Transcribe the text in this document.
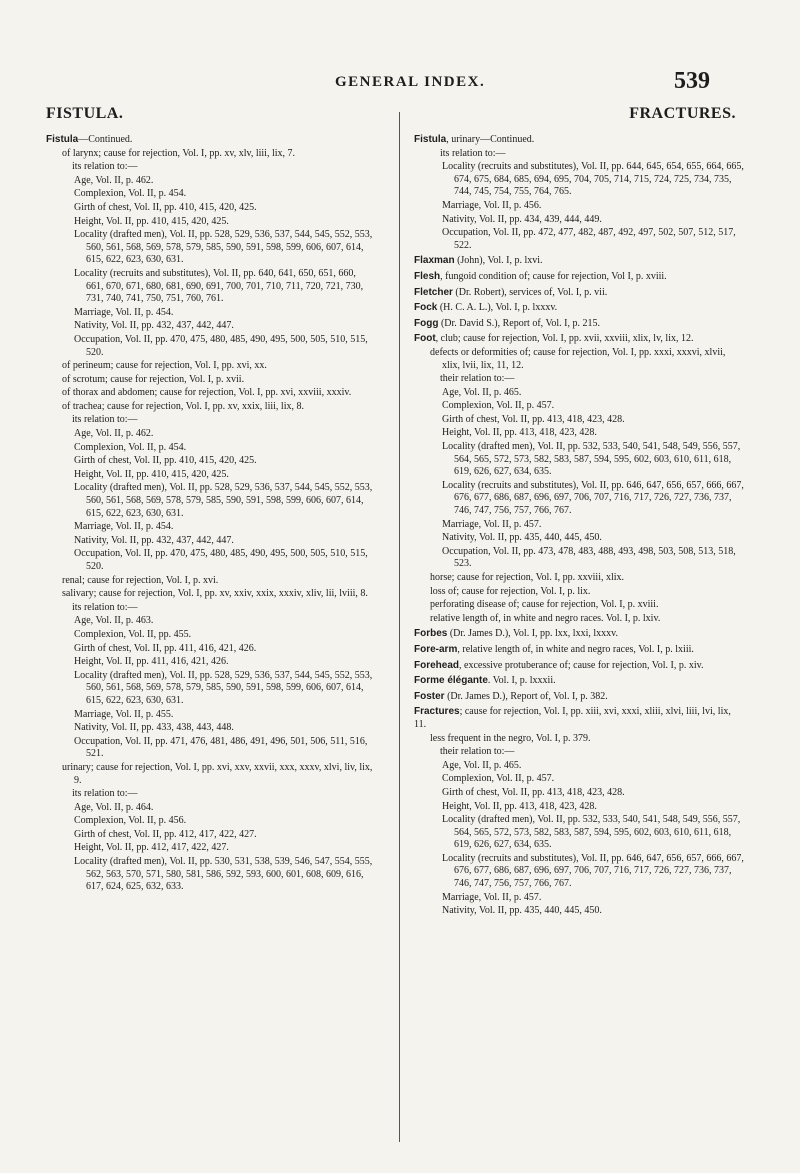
GENERAL INDEX.	539
FISTULA.

Fistula—Continued.

of larynx; cause for rejection, Vol. I, pp. xv, xlv, liii, lix, 7.

its relation to:—

Age, Vol. II, p. 462.

Complexion, Vol. II, p. 454.

Girth of chest, Vol. II, pp. 410, 415, 420, 425.

Height, Vol. II, pp. 410, 415, 420, 425.

Locality (drafted men), Vol. II, pp. 528, 529, 536, 537, 544, 545, 552, 553, 560, 561, 568, 569, 578, 579, 585, 590, 591, 598, 599, 606, 607, 614, 615, 622, 623, 630, 631.

Locality (recruits and substitutes), Vol. II, pp. 640, 641, 650, 651, 660, 661, 670, 671, 680, 681, 690, 691, 700, 701, 710, 711, 720, 721, 730, 731, 740, 741, 750, 751, 760, 761.

Marriage, Vol. II, p. 454.

Nativity, Vol. II, pp. 432, 437, 442, 447.

Occupation, Vol. II, pp. 470, 475, 480, 485, 490, 495, 500, 505, 510, 515, 520.

of perineum; cause for rejection, Vol. I, pp. xvi, xx.

of scrotum; cause for rejection, Vol. I, p. xvii.

of thorax and abdomen; cause for rejection, Vol. I, pp. xvi, xxviii, xxxiv.

of trachea; cause for rejection, Vol. I, pp. xv, xxix, liii, lix, 8.

its relation to:—

Age, Vol. II, p. 462.

Complexion, Vol. II, p. 454.

Girth of chest, Vol. II, pp. 410, 415, 420, 425.

Height, Vol. II, pp. 410, 415, 420, 425.

Locality (drafted men), Vol. II, pp. 528, 529, 536, 537, 544, 545, 552, 553, 560, 561, 568, 569, 578, 579, 585, 590, 591, 598, 599, 606, 607, 614, 615, 622, 623, 630, 631.

Marriage, Vol. II, p. 454.

Nativity, Vol. II, pp. 432, 437, 442, 447.

Occupation, Vol. II, pp. 470, 475, 480, 485, 490, 495, 500, 505, 510, 515, 520.

renal; cause for rejection, Vol. I, p. xvi.

salivary; cause for rejection, Vol. I, pp. xv, xxiv, xxix, xxxiv, xliv, lii, lviii, 8.

its relation to:—

Age, Vol. II, p. 463.

Complexion, Vol. II, pp. 455.

Girth of chest, Vol. II, pp. 411, 416, 421, 426.

Height, Vol. II, pp. 411, 416, 421, 426.

Locality (drafted men), Vol. II, pp. 528, 529, 536, 537, 544, 545, 552, 553, 560, 561, 568, 569, 578, 579, 585, 590, 591, 598, 599, 606, 607, 614, 615, 622, 623, 630, 631.

Marriage, Vol. II, p. 455.

Nativity, Vol. II, pp. 433, 438, 443, 448.

Occupation, Vol. II, pp. 471, 476, 481, 486, 491, 496, 501, 506, 511, 516, 521.

urinary; cause for rejection, Vol. I, pp. xvi, xxv, xxvii, xxx, xxxv, xlvi, liv, lix, 9.

its relation to:—

Age, Vol. II, p. 464.

Complexion, Vol. II, p. 456.

Girth of chest, Vol. II, pp. 412, 417, 422, 427.

Height, Vol. II, pp. 412, 417, 422, 427.

Locality (drafted men), Vol. II, pp. 530, 531, 538, 539, 546, 547, 554, 555, 562, 563, 570, 571, 580, 581, 586, 592, 593, 600, 601, 608, 609, 616, 617, 624, 625, 632, 633.

FRACTURES.

Fistula, urinary—Continued.

its relation to:—

Locality (recruits and substitutes), Vol. II, pp. 644, 645, 654, 655, 664, 665, 674, 675, 684, 685, 694, 695, 704, 705, 714, 715, 724, 725, 734, 735, 744, 745, 754, 755, 764, 765.

Marriage, Vol. II, p. 456.

Nativity, Vol. II, pp. 434, 439, 444, 449.

Occupation, Vol. II, pp. 472, 477, 482, 487, 492, 497, 502, 507, 512, 517, 522.

Flaxman (John), Vol. I, p. lxvi.

Flesh, fungoid condition of; cause for rejection, Vol I, p. xviii.

Fletcher (Dr. Robert), services of, Vol. I, p. vii.

Fock (H. C. A. L.), Vol. I, p. lxxxv.

Fogg (Dr. David S.), Report of, Vol. I, p. 215.

Foot, club; cause for rejection, Vol. I, pp. xvii, xxviii, xlix, lv, lix, 12.

defects or deformities of; cause for rejection, Vol. I, pp. xxxi, xxxvi, xlvii, xlix, lvii, lix, 11, 12.

their relation to:—

Age, Vol. II, p. 465.

Complexion, Vol. II, p. 457.

Girth of chest, Vol. II, pp. 413, 418, 423, 428.

Height, Vol. II, pp. 413, 418, 423, 428.

Locality (drafted men), Vol. II, pp. 532, 533, 540, 541, 548, 549, 556, 557, 564, 565, 572, 573, 582, 583, 587, 594, 595, 602, 603, 610, 611, 618, 619, 626, 627, 634, 635.

Locality (recruits and substitutes), Vol. II, pp. 646, 647, 656, 657, 666, 667, 676, 677, 686, 687, 696, 697, 706, 707, 716, 717, 726, 727, 736, 737, 746, 747, 756, 757, 766, 767.

Marriage, Vol. II, p. 457.

Nativity, Vol. II, pp. 435, 440, 445, 450.

Occupation, Vol. II, pp. 473, 478, 483, 488, 493, 498, 503, 508, 513, 518, 523.

horse; cause for rejection, Vol. I, pp. xxviii, xlix.

loss of; cause for rejection, Vol. I, p. lix.

perforating disease of; cause for rejection, Vol. I, p. xviii.

relative length of, in white and negro races. Vol. I, p. lxiv.

Forbes (Dr. James D.), Vol. I, pp. lxx, lxxi, lxxxv.

Fore-arm, relative length of, in white and negro races, Vol. I, p. lxiii.

Forehead, excessive protuberance of; cause for rejection, Vol. I, p. xiv.

Forme élégante. Vol. I, p. lxxxii.

Foster (Dr. James D.), Report of, Vol. I, p. 382.

Fractures; cause for rejection, Vol. I, pp. xiii, xvi, xxxi, xliii, xlvi, liii, lvi, lix, 11.

less frequent in the negro, Vol. I, p. 379.

their relation to:—

Age, Vol. II, p. 465.

Complexion, Vol. II, p. 457.

Girth of chest, Vol. II, pp. 413, 418, 423, 428.

Height, Vol. II, pp. 413, 418, 423, 428.

Locality (drafted men), Vol. II, pp. 532, 533, 540, 541, 548, 549, 556, 557, 564, 565, 572, 573, 582, 583, 587, 594, 595, 602, 603, 610, 611, 618, 619, 626, 627, 634, 635.

Locality (recruits and substitutes), Vol. II, pp. 646, 647, 656, 657, 666, 667, 676, 677, 686, 687, 696, 697, 706, 707, 716, 717, 726, 727, 736, 737, 746, 747, 756, 757, 766, 767.

Marriage, Vol. II, p. 457.

Nativity, Vol. II, pp. 435, 440, 445, 450.
